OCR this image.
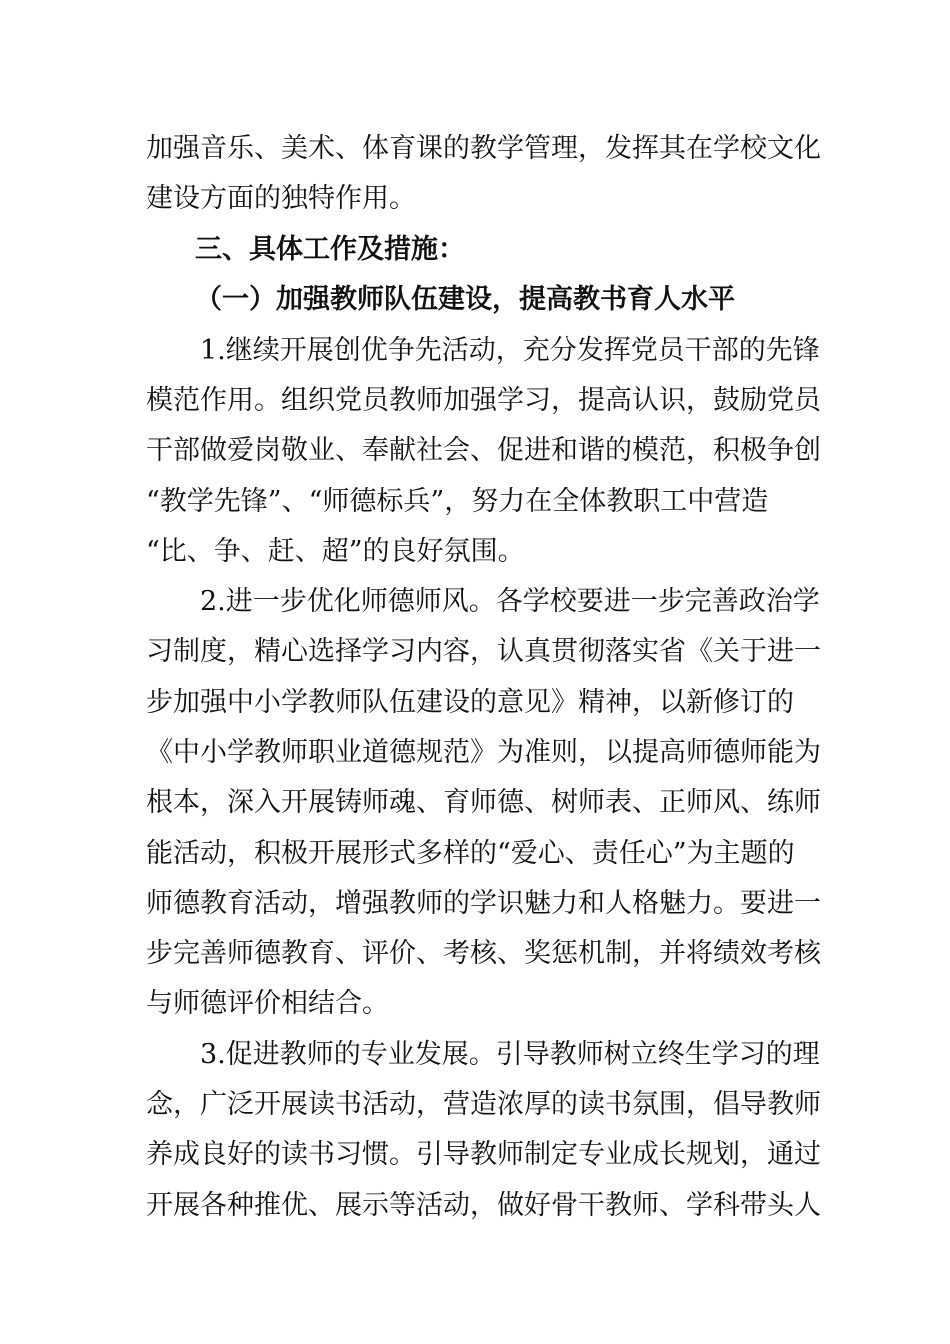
加强音乐、美术、体育课的教学管理，发挥其在学校文化
建设方面的独特作用。
三、具体工作及措施：
（一）加强教师队伍建设，提高教书育人水平
1.继续开展创优争先活动，充分发挥党员干部的先锋
模范作用。组织党员教师加强学习，提高认识，鼓励党员
干部做爱岗敬业、奉献社会、促进和谐的模范，积极争创
“教学先锋”、“师德标兵”，努力在全体教职工中营造
“比、争、赶、超”的良好氛围。
2.进一步优化师德师风。各学校要进一步完善政治学
习制度，精心选择学习内容，认真贯彻落实省《关于进一
步加强中小学教师队伍建设的意见》精神，以新修订的
《中小学教师职业道德规范》为准则，以提高师德师能为
根本，深入开展铸师魂、育师德、树师表、正师风、练师
能活动，积极开展形式多样的“爱心、责任心”为主题的
师德教育活动，增强教师的学识魅力和人格魅力。要进一
步完善师德教育、评价、考核、奖惩机制，并将绩效考核
与师德评价相结合。
3.促进教师的专业发展。引导教师树立终生学习的理
念，广泛开展读书活动，营造浓厚的读书氛围，倡导教师
养成良好的读书习惯。引导教师制定专业成长规划，通过
开展各种推优、展示等活动，做好骨干教师、学科带头人
